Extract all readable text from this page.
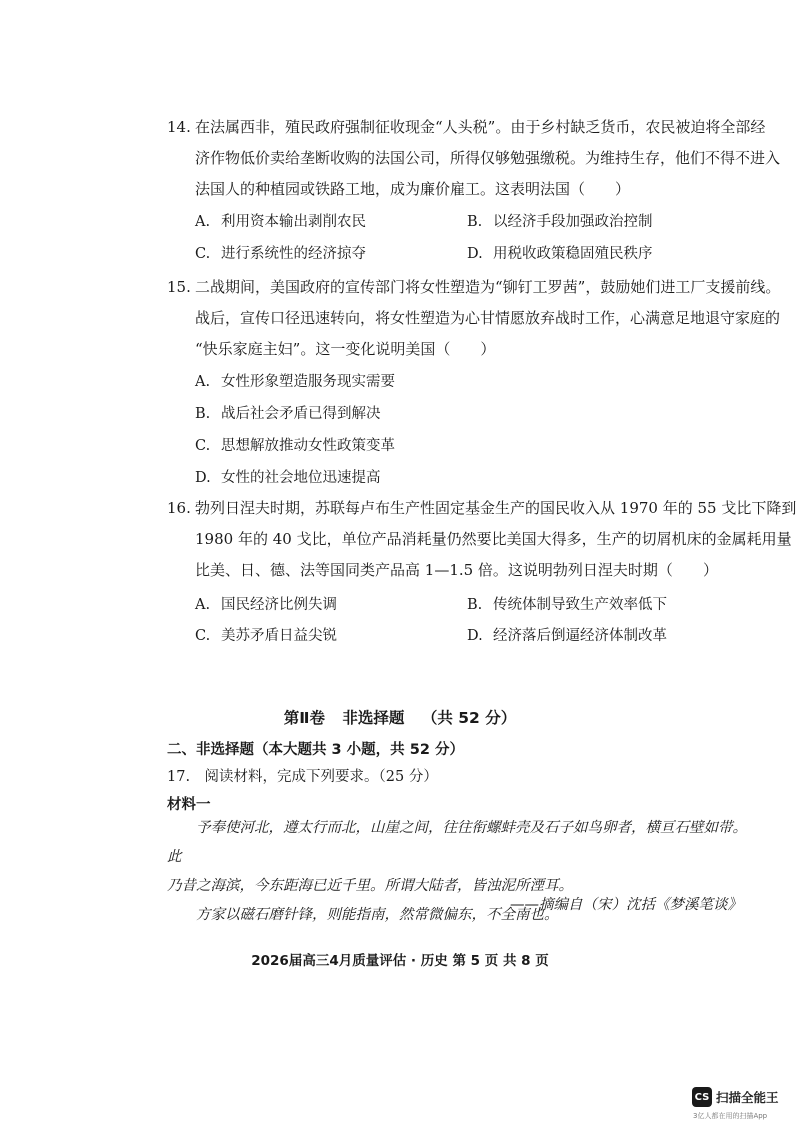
14. 在法属西非，殖民政府强制征收现金“人头税”。由于乡村缺乏货币，农民被迫将全部经
济作物低价卖给垄断收购的法国公司，所得仅够勉强缴税。为维持生存，他们不得不进入
法国人的种植园或铁路工地，成为廉价雇工。这表明法国（　　）
A. 利用资本输出剥削农民	B. 以经济手段加强政治控制
C. 进行系统性的经济掠夺	D. 用税收政策稳固殖民秩序
15. 二战期间，美国政府的宣传部门将女性塑造为“铆钉工罗茜”，鼓励她们进工厂支援前线。
战后，宣传口径迅速转向，将女性塑造为心甘情愿放弃战时工作，心满意足地退守家庭的
“快乐家庭主妇”。这一变化说明美国（　　）
A. 女性形象塑造服务现实需要
B. 战后社会矛盾已得到解决
C. 思想解放推动女性政策变革
D. 女性的社会地位迅速提高
16. 勃列日涅夫时期，苏联每卢布生产性固定基金生产的国民收入从 1970 年的 55 戈比下降到
1980 年的 40 戈比，单位产品消耗量仍然要比美国大得多，生产的切屑机床的金属耗用量
比美、日、德、法等国同类产品高 1—1.5 倍。这说明勃列日涅夫时期（　　）
A. 国民经济比例失调	B. 传统体制导致生产效率低下
C. 美苏矛盾日益尖锐	D. 经济落后倒逼经济体制改革
第Ⅱ卷 非选择题 （共 52 分）
二、非选择题（本大题共 3 小题，共 52 分）
17.　阅读材料，完成下列要求。（25 分）
材料一

予奉使河北，遵太行而北，山崖之间，往往衔螺蚌壳及石子如鸟卵者，横亘石壁如带。此

乃昔之海滨，今东距海已近千里。所谓大陆者，皆浊泥所湮耳。

方家以磁石磨针锋，则能指南，然常微偏东，不全南也。

——摘编自（宋）沈括《梦溪笔谈》
2026届高三4月质量评估 · 历史 第 5 页 共 8 页
CS 扫描全能王
3亿人都在用的扫描App
